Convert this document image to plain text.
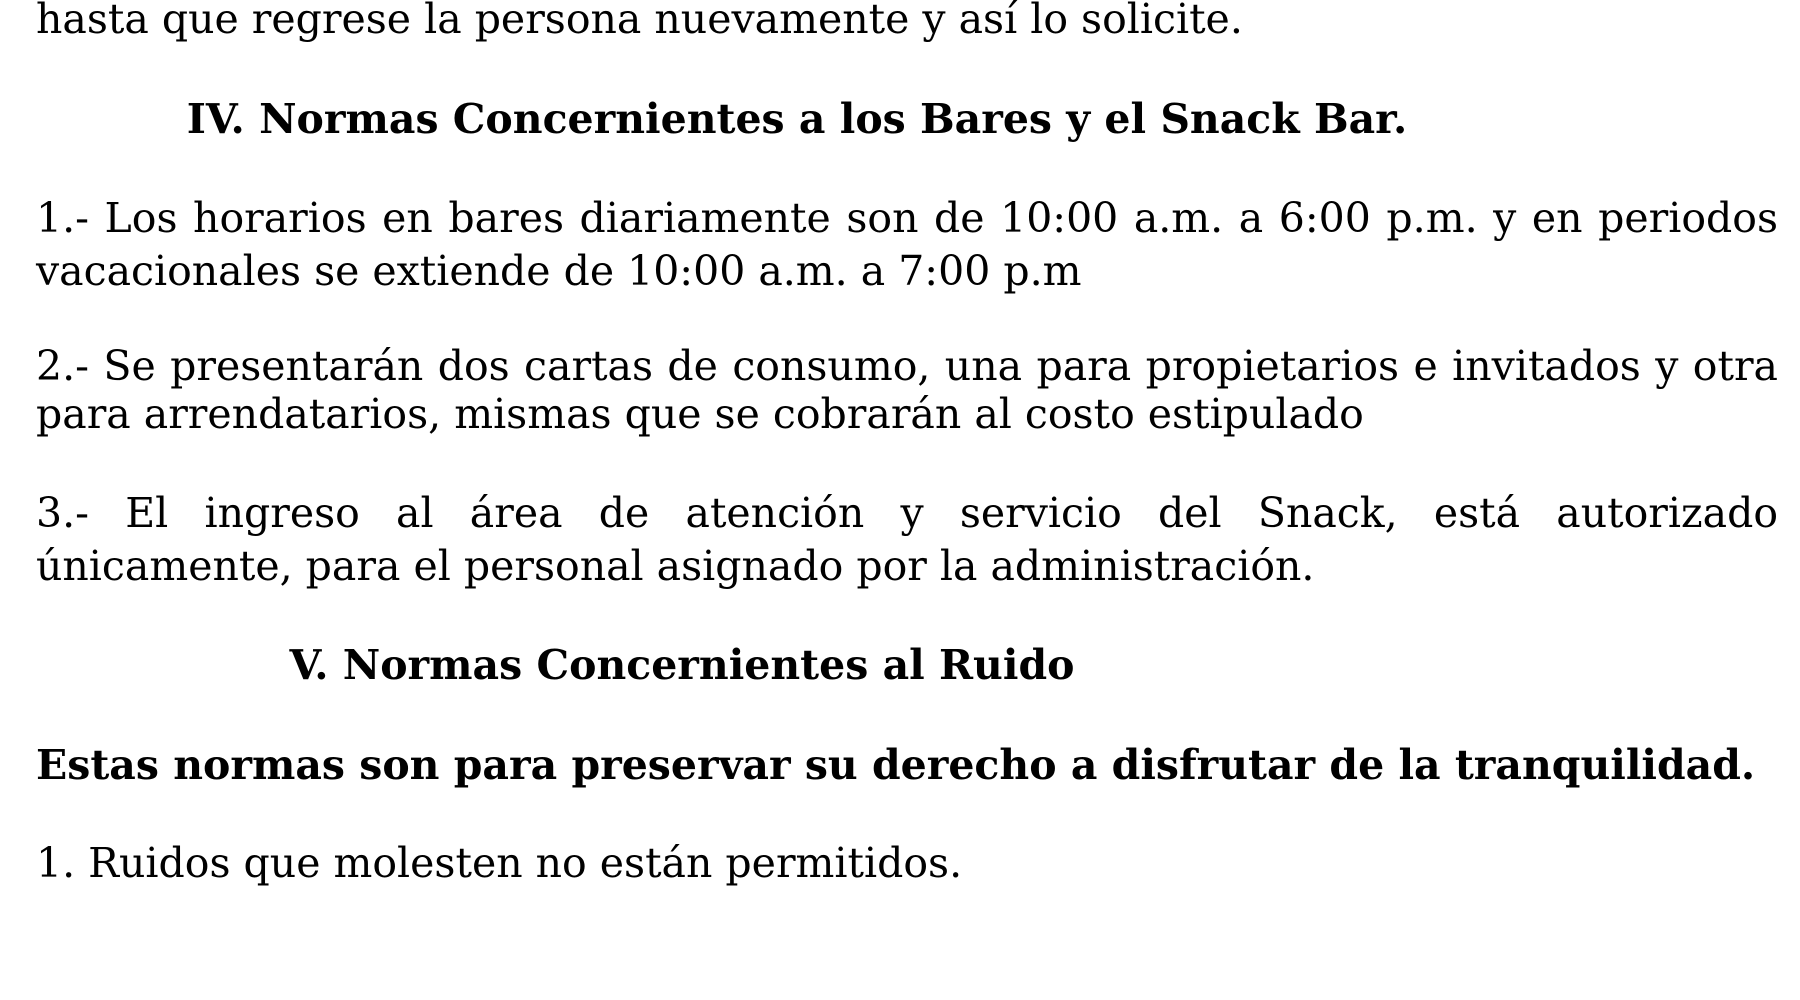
hasta que regrese la persona nuevamente y así lo solicite.
IV. Normas Concernientes a los Bares y el Snack Bar.
1.- Los horarios en bares diariamente son de 10:00 a.m. a 6:00 p.m. y en periodos
vacacionales se extiende de 10:00 a.m. a 7:00 p.m
2.- Se presentarán dos cartas de consumo, una para propietarios e invitados y otra
para arrendatarios, mismas que se cobrarán al costo estipulado
3.- El ingreso al área de atención y servicio del Snack, está autorizado
únicamente, para el personal asignado por la administración.
V. Normas Concernientes al Ruido
Estas normas son para preservar su derecho a disfrutar de la tranquilidad.
1. Ruidos que molesten no están permitidos.
